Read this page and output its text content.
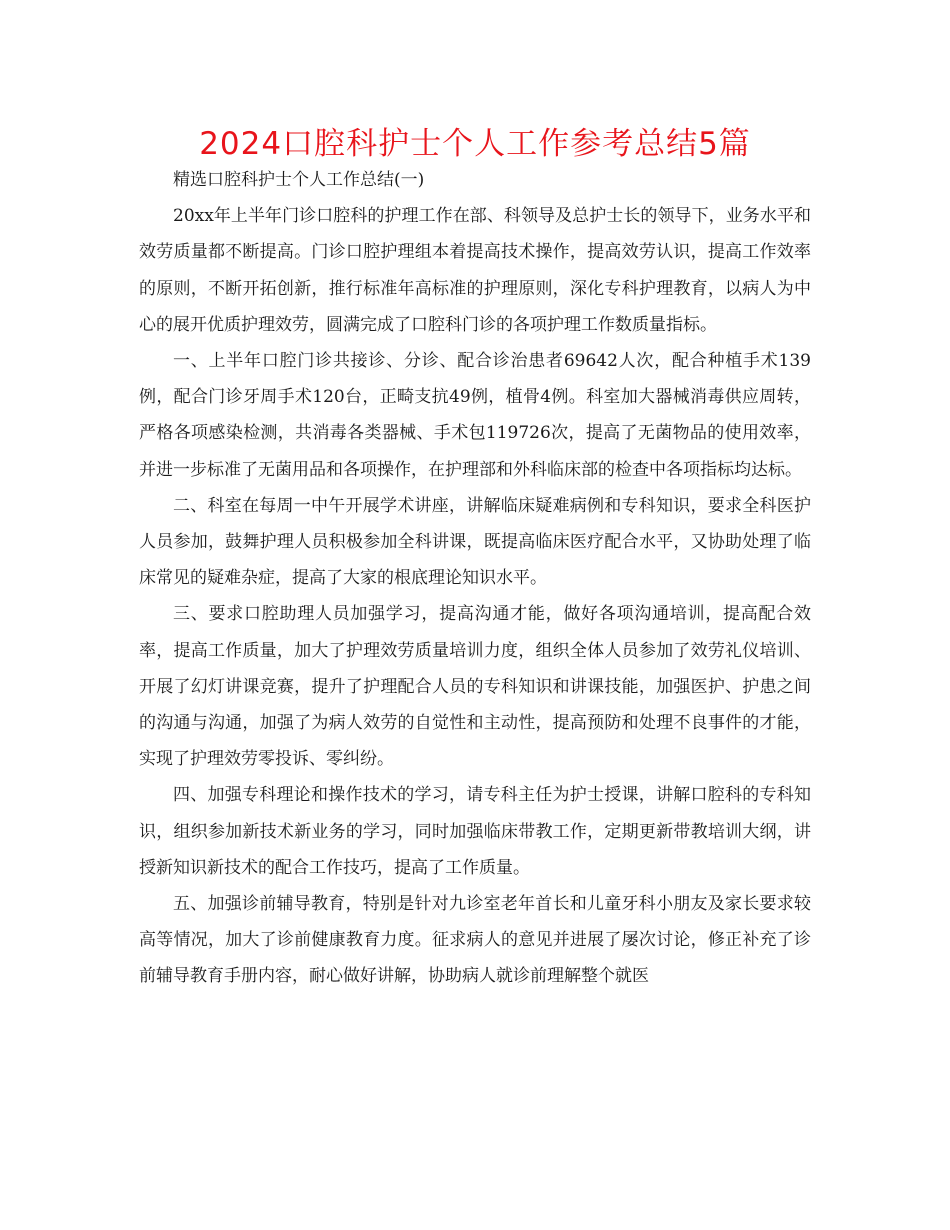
2024口腔科护士个人工作参考总结5篇

精选口腔科护士个人工作总结(一)

20xx年上半年门诊口腔科的护理工作在部、科领导及总护士长的领导下，业务水平和效劳质量都不断提高。门诊口腔护理组本着提高技术操作，提高效劳认识，提高工作效率的原则，不断开拓创新，推行标准年高标准的护理原则，深化专科护理教育，以病人为中心的展开优质护理效劳，圆满完成了口腔科门诊的各项护理工作数质量指标。

一、上半年口腔门诊共接诊、分诊、配合诊治患者69642人次，配合种植手术139例，配合门诊牙周手术120台，正畸支抗49例，植骨4例。科室加大器械消毒供应周转，严格各项感染检测，共消毒各类器械、手术包119726次，提高了无菌物品的使用效率，并进一步标准了无菌用品和各项操作，在护理部和外科临床部的检查中各项指标均达标。

二、科室在每周一中午开展学术讲座，讲解临床疑难病例和专科知识，要求全科医护人员参加，鼓舞护理人员积极参加全科讲课，既提高临床医疗配合水平，又协助处理了临床常见的疑难杂症，提高了大家的根底理论知识水平。

三、要求口腔助理人员加强学习，提高沟通才能，做好各项沟通培训，提高配合效率，提高工作质量，加大了护理效劳质量培训力度，组织全体人员参加了效劳礼仪培训、开展了幻灯讲课竞赛，提升了护理配合人员的专科知识和讲课技能，加强医护、护患之间的沟通与沟通，加强了为病人效劳的自觉性和主动性，提高预防和处理不良事件的才能，实现了护理效劳零投诉、零纠纷。

四、加强专科理论和操作技术的学习，请专科主任为护士授课，讲解口腔科的专科知识，组织参加新技术新业务的学习，同时加强临床带教工作，定期更新带教培训大纲，讲授新知识新技术的配合工作技巧，提高了工作质量。

五、加强诊前辅导教育，特别是针对九诊室老年首长和儿童牙科小朋友及家长要求较高等情况，加大了诊前健康教育力度。征求病人的意见并进展了屡次讨论，修正补充了诊前辅导教育手册内容，耐心做好讲解，协助病人就诊前理解整个就医
